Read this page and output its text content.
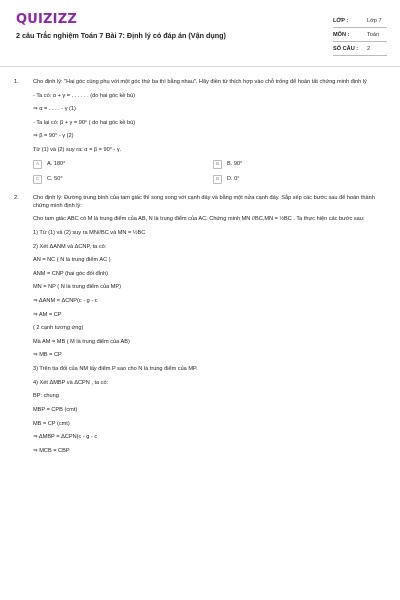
QUIZIZZ
2 câu Trắc nghiệm Toán 7 Bài 7: Định lý có đáp án (Vận dụng)
LỚP :	Lớp 7
MÔN :	Toán
SỐ CÂU : 2
1.	Cho định lý: "Hai góc cùng phụ với một góc thứ ba thì bằng nhau". Hãy điền từ thích hợp vào chỗ trống để hoàn tất chứng minh định lý
- Ta có: α + γ = . . . . . . (do hai góc kề bù)
⇒ α = . . . . - γ (1)
- Ta lại có: β + γ = 90° ( do hai góc kề bù)
⇒ β = 90° - γ (2)
Từ (1) và (2) suy ra: α = β = 90° - γ.
A	A. 180°	B	B. 90°
C	C. 50°	D	D. 0°
2.	Cho định lý: Đường trung bình của tam giác thì song song với cạnh đáy và bằng một nửa cạnh đáy. Sắp xếp các bước sau để hoàn thành chứng minh định lý:
Cho tam giác ABC có M là trung điểm của AB, N là trung điểm của AC. Chứng minh MN //BC,MN = ½BC . Ta thực hiện các bước sau:
1) Từ (1) và (2) suy ra MN//BC và MN = ½BC
2) Xét ΔANM và ΔCNP, ta có:
AN = NC ( N là trung điểm AC )
ANM = CNP (hai góc đối đỉnh)
MN = NP ( N là trung điểm của MP)
⇒ ΔANM = ΔCNP(c - g - c
⇒ AM = CP
( 2 cạnh tương ứng)
Mà AM = MB ( M là trung điểm của AB)
⇒ MB = CP
3) Trên tia đối của NM lấy điểm P sao cho N là trung điểm của MP.
4) Xét ΔMBP và ΔCPN , ta có:
BP: chung
MBP = CPB (cmt)
MB = CP (cmt)
⇒ ΔMBP = ΔCPN(c - g - c
⇒ MCB = CBP
